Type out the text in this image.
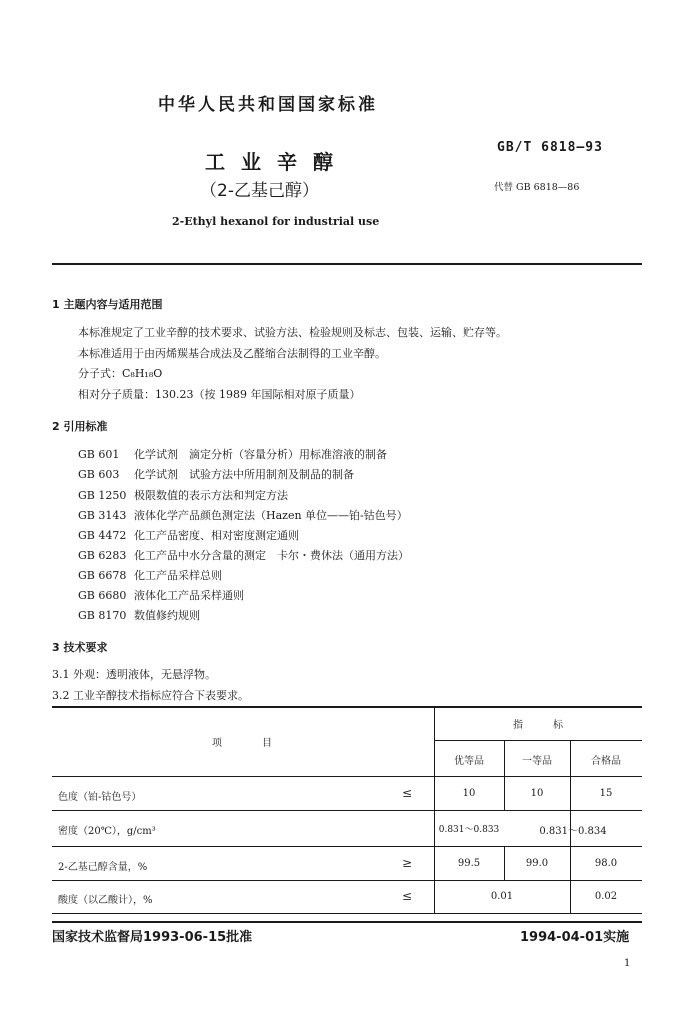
中华人民共和国国家标准
工业辛醇
（2-乙基己醇）
2-Ethyl hexanol for industrial use
GB/T 6818—93
代替 GB 6818—86
1 主题内容与适用范围
本标准规定了工业辛醇的技术要求、试验方法、检验规则及标志、包装、运输、贮存等。
本标准适用于由丙烯羰基合成法及乙醛缩合法制得的工业辛醇。
分子式：C₈H₁₈O
相对分子质量：130.23（按 1989 年国际相对原子质量）
2 引用标准
GB 601 化学试剂　滴定分析（容量分析）用标准溶液的制备
GB 603 化学试剂　试验方法中所用制剂及制品的制备
GB 1250 极限数值的表示方法和判定方法
GB 3143 液体化学产品颜色测定法（Hazen 单位——铂-钴色号）
GB 4472 化工产品密度、相对密度测定通则
GB 6283 化工产品中水分含量的测定　卡尔・费休法（通用方法）
GB 6678 化工产品采样总则
GB 6680 液体化工产品采样通则
GB 8170 数值修约规则
3 技术要求
3.1 外观：透明液体，无悬浮物。
3.2 工业辛醇技术指标应符合下表要求。
项　　　　目
指　　　标
优等品	一等品	合格品
色度（铂-钴色号）	≤	10	10	15
密度（20℃），g/cm³	0.831～0.833	0.831～0.834
2-乙基己醇含量，%	≥	99.5	99.0	98.0
酸度（以乙酸计），%	≤	0.01	0.02
国家技术监督局1993-06-15批准	1994-04-01实施
1
